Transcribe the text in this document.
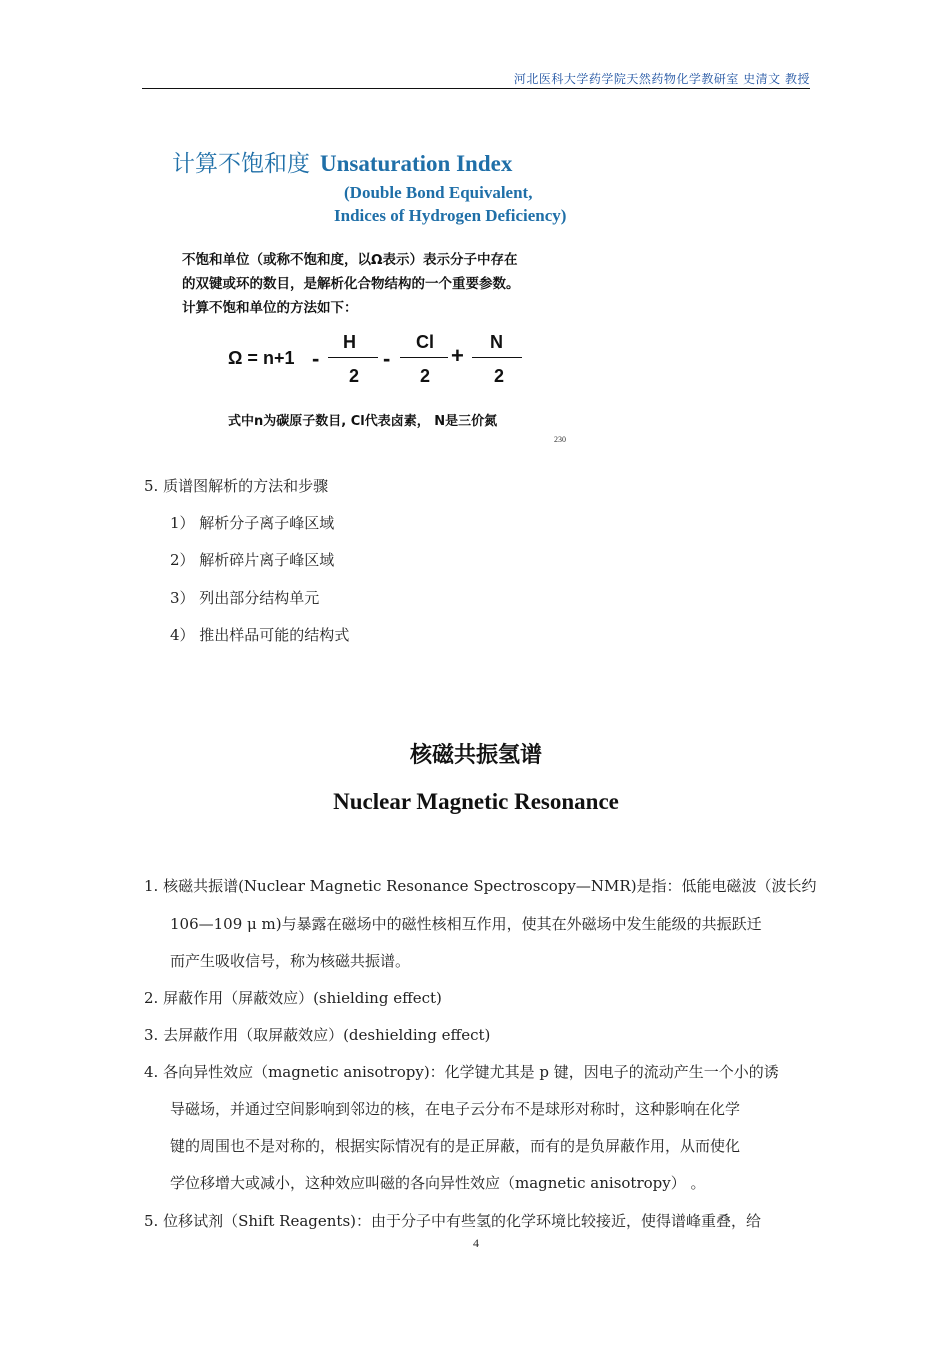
河北医科大学药学院天然药物化学教研室 史清文 教授
计算不饱和度 Unsaturation Index
(Double Bond Equivalent,
Indices of Hydrogen Deficiency)
不饱和单位（或称不饱和度，以Ω表示）表示分子中存在
的双键或环的数目，是解析化合物结构的一个重要参数。
计算不饱和单位的方法如下：
Ω = n+1 -
H
2
-
Cl
2
+
N
2
式中n为碳原子数目, Cl代表卤素， N是三价氮
230
5. 质谱图解析的方法和步骤
1） 解析分子离子峰区域
2） 解析碎片离子峰区域
3） 列出部分结构单元
4） 推出样品可能的结构式
核磁共振氢谱
Nuclear Magnetic Resonance
1. 核磁共振谱(Nuclear Magnetic Resonance Spectroscopy—NMR)是指：低能电磁波（波长约
106—109 μ m)与暴露在磁场中的磁性核相互作用，使其在外磁场中发生能级的共振跃迁
而产生吸收信号，称为核磁共振谱。
2. 屏蔽作用（屏蔽效应）(shielding effect)
3. 去屏蔽作用（取屏蔽效应）(deshielding effect)
4. 各向异性效应（magnetic anisotropy)：化学键尤其是 p 键，因电子的流动产生一个小的诱
导磁场，并通过空间影响到邻边的核，在电子云分布不是球形对称时，这种影响在化学
键的周围也不是对称的，根据实际情况有的是正屏蔽，而有的是负屏蔽作用，从而使化
学位移增大或减小，这种效应叫磁的各向异性效应（magnetic anisotropy） 。
5. 位移试剂（Shift Reagents)：由于分子中有些氢的化学环境比较接近，使得谱峰重叠，给
4
